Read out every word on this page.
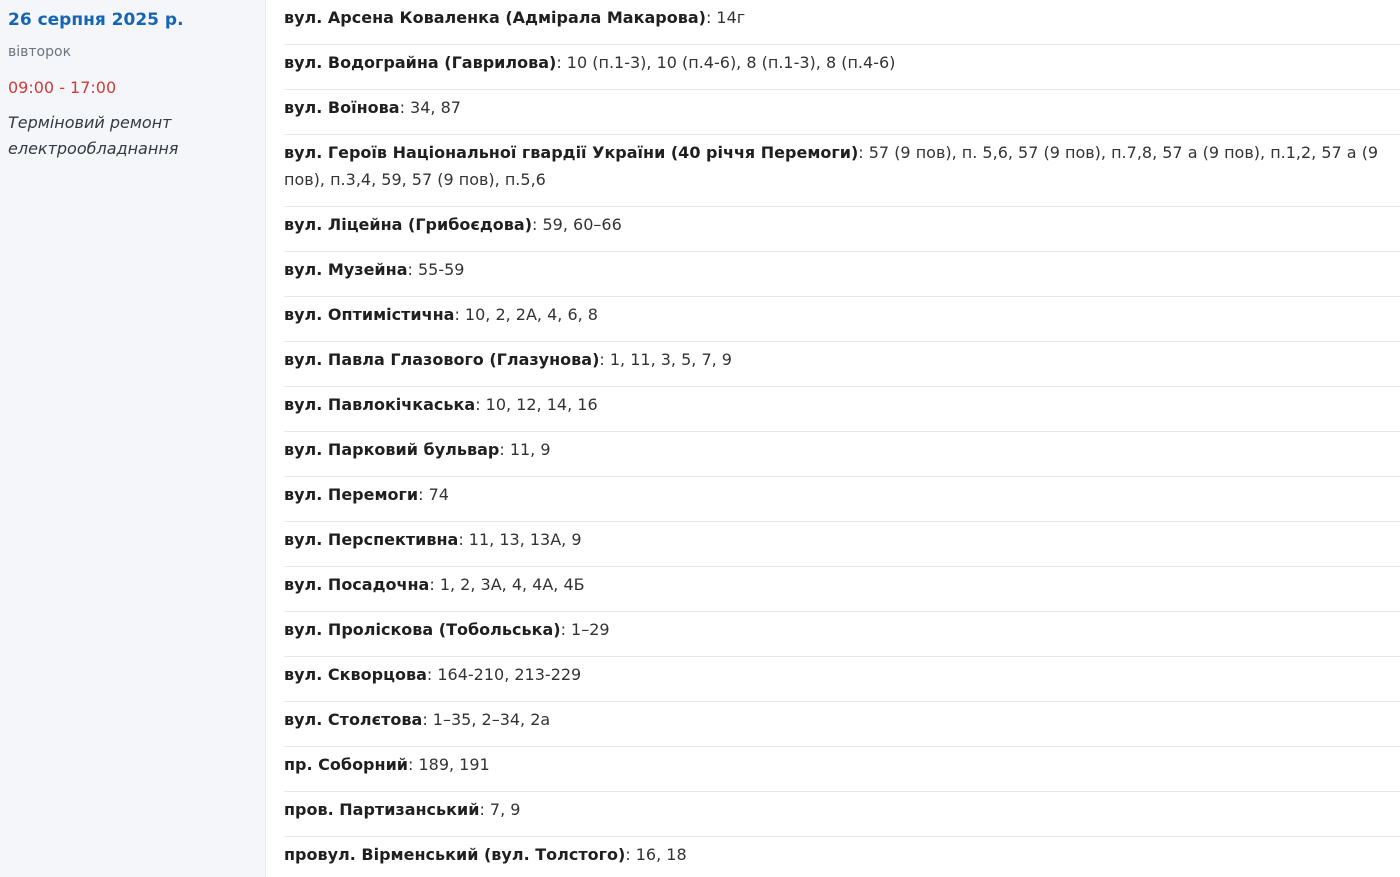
26 серпня 2025 р.
вівторок
09:00 - 17:00
Терміновий ремонт електрообладнання
вул. Арсена Коваленка (Адмірала Макарова): 14г
вул. Водограйна (Гаврилова): 10 (п.1-3), 10 (п.4-6), 8 (п.1-3), 8 (п.4-6)
вул. Воїнова: 34, 87
вул. Героїв Національної гвардії України (40 річчя Перемоги): 57 (9 пов), п. 5,6, 57 (9 пов), п.7,8, 57 а (9 пов), п.1,2, 57 а (9 пов), п.3,4, 59, 57 (9 пов), п.5,6
вул. Ліцейна (Грибоєдова): 59, 60–66
вул. Музейна: 55-59
вул. Оптимістична: 10, 2, 2А, 4, 6, 8
вул. Павла Глазового (Глазунова): 1, 11, 3, 5, 7, 9
вул. Павлокічкаська: 10, 12, 14, 16
вул. Парковий бульвар: 11, 9
вул. Перемоги: 74
вул. Перспективна: 11, 13, 13А, 9
вул. Посадочна: 1, 2, 3А, 4, 4А, 4Б
вул. Проліскова (Тобольська): 1–29
вул. Скворцова: 164-210, 213-229
вул. Столєтова: 1–35, 2–34, 2а
пр. Соборний: 189, 191
пров. Партизанський: 7, 9
провул. Вірменський (вул. Толстого): 16, 18
